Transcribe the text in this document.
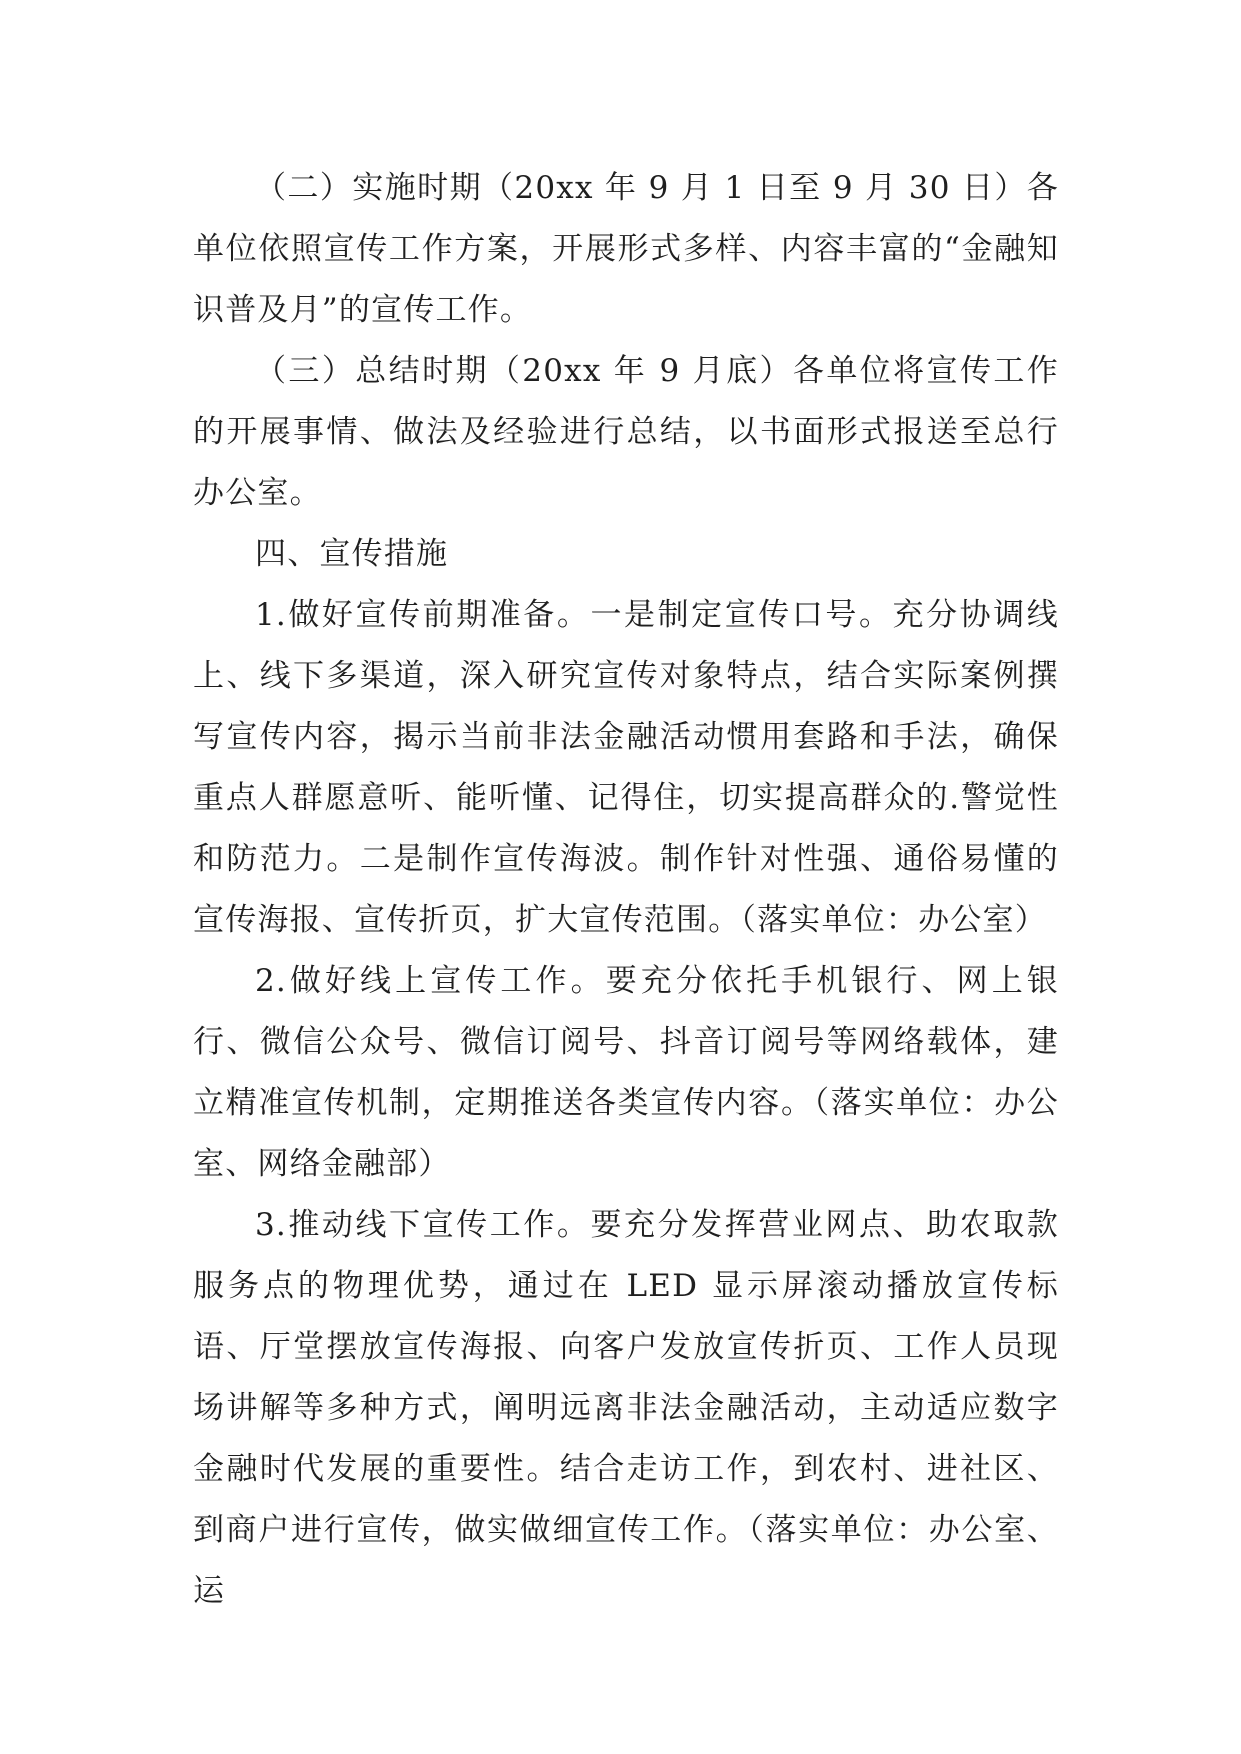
（二）实施时期（20xx 年 9 月 1 日至 9 月 30 日）各单位依照宣传工作方案，开展形式多样、内容丰富的“金融知识普及月”的宣传工作。

（三）总结时期（20xx 年 9 月底）各单位将宣传工作的开展事情、做法及经验进行总结，以书面形式报送至总行办公室。

四、宣传措施

1.做好宣传前期准备。一是制定宣传口号。充分协调线上、线下多渠道，深入研究宣传对象特点，结合实际案例撰写宣传内容，揭示当前非法金融活动惯用套路和手法，确保重点人群愿意听、能听懂、记得住，切实提高群众的.警觉性和防范力。二是制作宣传海波。制作针对性强、通俗易懂的宣传海报、宣传折页，扩大宣传范围。（落实单位：办公室）

2.做好线上宣传工作。要充分依托手机银行、网上银行、微信公众号、微信订阅号、抖音订阅号等网络载体，建立精准宣传机制，定期推送各类宣传内容。（落实单位：办公室、网络金融部）

3.推动线下宣传工作。要充分发挥营业网点、助农取款服务点的物理优势，通过在 LED 显示屏滚动播放宣传标语、厅堂摆放宣传海报、向客户发放宣传折页、工作人员现场讲解等多种方式，阐明远离非法金融活动，主动适应数字金融时代发展的重要性。结合走访工作，到农村、进社区、到商户进行宣传，做实做细宣传工作。（落实单位：办公室、运
